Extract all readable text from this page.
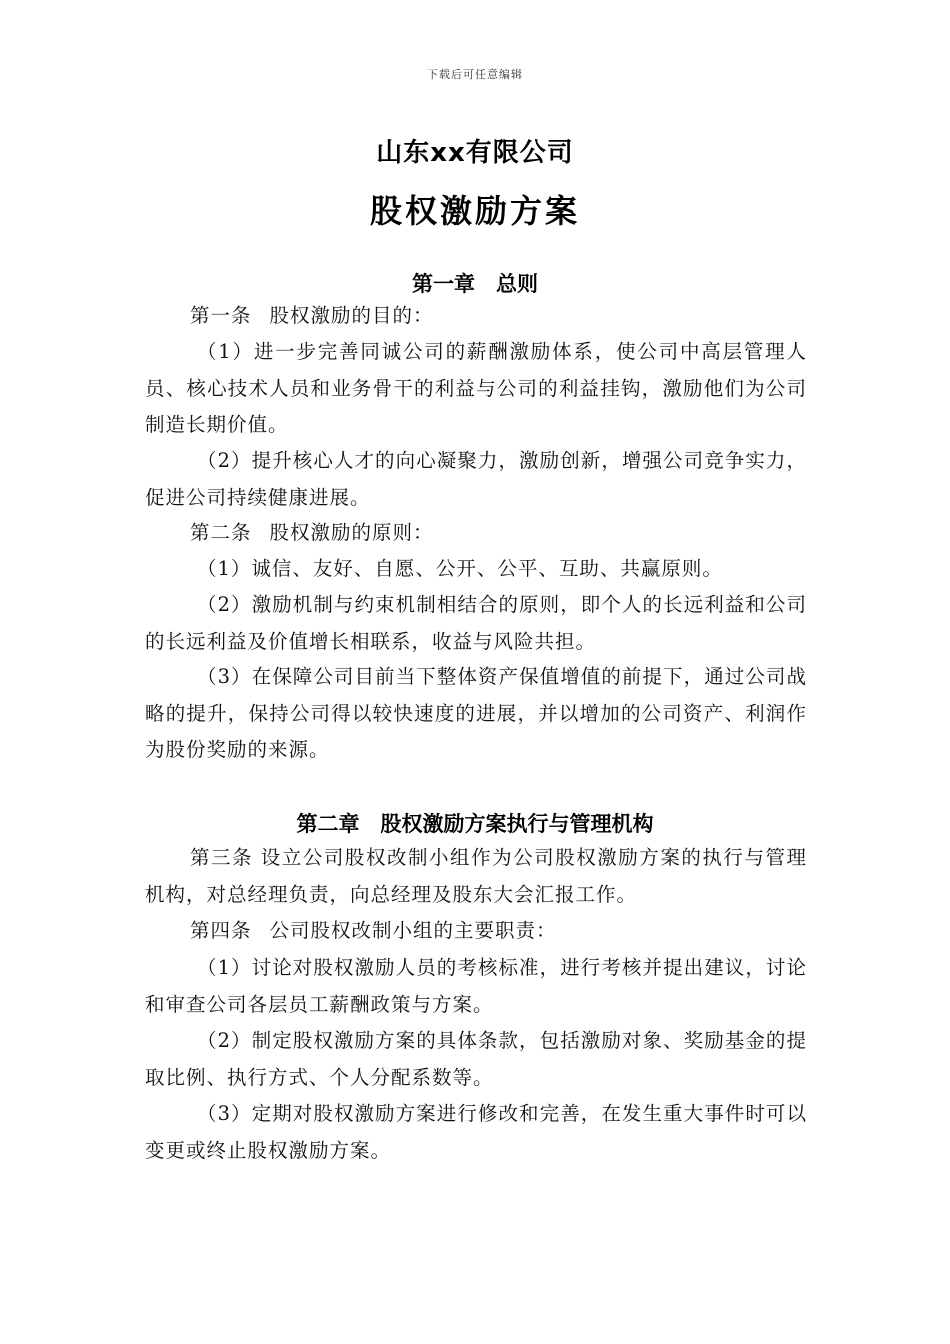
下载后可任意编辑
山东xx有限公司
股权激励方案
第一章　总则

第一条 股权激励的目的：

（1）进一步完善同诚公司的薪酬激励体系，使公司中高层管理人员、核心技术人员和业务骨干的利益与公司的利益挂钩，激励他们为公司制造长期价值。

（2）提升核心人才的向心凝聚力，激励创新，增强公司竞争实力，促进公司持续健康进展。

第二条 股权激励的原则：

（1）诚信、友好、自愿、公开、公平、互助、共赢原则。

（2）激励机制与约束机制相结合的原则，即个人的长远利益和公司的长远利益及价值增长相联系，收益与风险共担。

（3）在保障公司目前当下整体资产保值增值的前提下，通过公司战略的提升，保持公司得以较快速度的进展，并以增加的公司资产、利润作为股份奖励的来源。

第二章　股权激励方案执行与管理机构

第三条 设立公司股权改制小组作为公司股权激励方案的执行与管理机构，对总经理负责，向总经理及股东大会汇报工作。

第四条 公司股权改制小组的主要职责：

（1）讨论对股权激励人员的考核标准，进行考核并提出建议，讨论和审查公司各层员工薪酬政策与方案。

（2）制定股权激励方案的具体条款，包括激励对象、奖励基金的提取比例、执行方式、个人分配系数等。

（3）定期对股权激励方案进行修改和完善，在发生重大事件时可以变更或终止股权激励方案。
